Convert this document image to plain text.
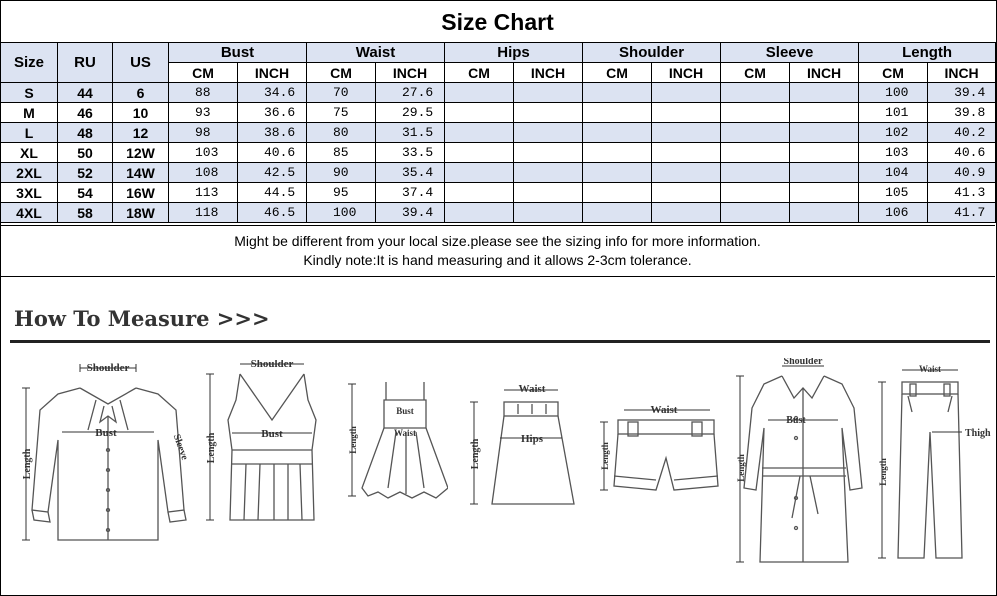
Size Chart
Size	RU	US	Bust		Waist		Hips		Shoulder		Sleeve		Length	
			CM	INCH	CM	INCH	CM	INCH	CM	INCH	CM	INCH	CM	INCH
S	44	6	88	34.6	70	27.6							100	39.4
M	46	10	93	36.6	75	29.5							101	39.8
L	48	12	98	38.6	80	31.5							102	40.2
XL	50	12W	103	40.6	85	33.5							103	40.6
2XL	52	14W	108	42.5	90	35.4							104	40.9
3XL	54	16W	113	44.5	95	37.4							105	41.3
4XL	58	18W	118	46.5	100	39.4							106	41.7
Might be different from your local size.please see the sizing info for more information.
Kindly note:It is hand measuring and it allows 2-3cm tolerance.
How To Measure >>>
Shoulder
Bust
Length
Sleeve
Shoulder
Bust
Length
Bust
Waist
Length
Waist
Hips
Length
Waist
Length
Shoulder
Bust
Length
Waist
Thigh
Length
